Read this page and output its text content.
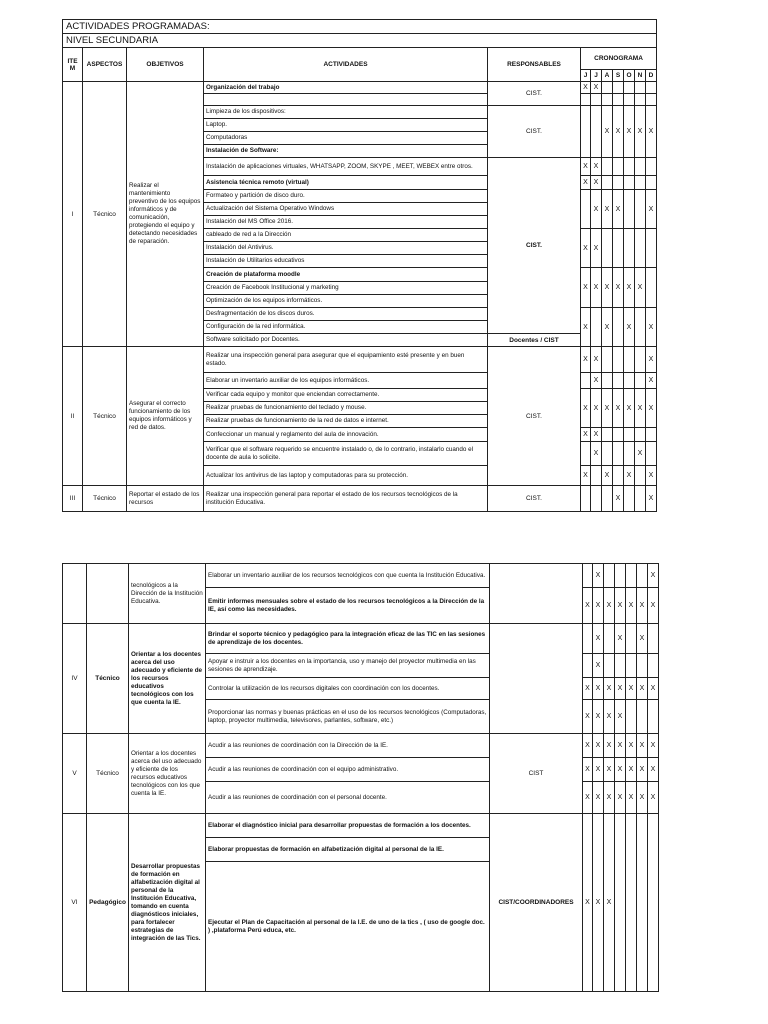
ACTIVIDADES PROGRAMADAS:											
NIVEL SECUNDARIA											
ITE M	ASPECTOS	OBJETIVOS	ACTIVIDADES	RESPONSABLES	CRONOGRAMA						
					J	J	A	S	O	N	D
I	Técnico	Realizar el mantenimiento preventivo de los equipos informáticos y de comunicación, protegiendo el equipo y detectando necesidades de reparación.	Organización del trabajo	CIST.	X	X					

			Limpieza de los dispositivos:	CIST.			X	X	X	X	X
			Laptop.								
			Computadoras								
			Instalación de Software:								
			Instalación de aplicaciones virtuales, WHATSAPP, ZOOM, SKYPE , MEET, WEBEX entre otros.	CIST.	X	X					
			Asistencia técnica remoto (virtual)		X	X					
			Formateo y partición de disco duro.			X	X	X			X
			Actualización del Sistema Operativo Windows								
			Instalación del MS Office 2016.								
			cableado de red a la Dirección		X	X					
			Instalación del Antivirus.								
			Instalación de Utilitarios educativos								
			Creación de plataforma moodle		X	X	X	X	X	X	
			Creación de Facebook Institucional y marketing								
			Optimización de los equipos informáticos.								
			Desfragmentación de los discos duros.		X		X		X		X
			Configuración de la red informática.								
			Software solicitado por Docentes.	Docentes / CIST							
II	Técnico	Asegurar el correcto funcionamiento de los equipos informáticos y red de datos.	Realizar una inspección general para asegurar que el equipamiento esté presente y en buen estado.	CIST.	X	X					X
			Elaborar un inventario auxiliar de los equipos informáticos.			X					X
			Verificar cada equipo y monitor que enciendan correctamente.		X	X	X	X	X	X	X
			Realizar pruebas de funcionamiento del teclado y mouse.								
			Realizar pruebas de funcionamiento de la red de datos e internet.								
			Confeccionar un manual y reglamento del aula de innovación.		X	X					
			Verificar que el software requerido se encuentre instalado o, de lo contrario, instalarlo cuando el docente de aula lo solicite.			X				X	
			Actualizar los antivirus de las laptop y computadoras para su protección.		X		X		X		X
III	Técnico	Reportar el estado de los recursos	Realizar una inspección general para reportar el estado de los recursos tecnológicos de la institución Educativa.	CIST.				X			X
		tecnológicos a la Dirección de la Institución Educativa.	Elaborar un inventario auxiliar de los recursos tecnológicos con que cuenta la Institución Educativa.			X					X
			Emitir informes mensuales sobre el estado de los recursos tecnológicos a la Dirección de la IE, así como las necesidades.		X	X	X	X	X	X	X
IV	Técnico	Orientar a los docentes acerca del uso adecuado y eficiente de los recursos educativos tecnológicos con los que cuenta la IE.	Brindar el soporte técnico y pedagógico para la integración eficaz de las TIC en las sesiones de aprendizaje de los docentes.			X		X		X	
			Apoyar e instruir a los docentes en la importancia, uso y manejo del proyector multimedia en las sesiones de aprendizaje.			X					
			Controlar la utilización de los recursos digitales con coordinación con los docentes.		X	X	X	X	X	X	X
			Proporcionar las normas y buenas prácticas en el uso de los recursos tecnológicos (Computadoras, laptop, proyector multimedia, televisores, parlantes, software, etc.)		X	X	X	X			
V	Técnico	Orientar a los docentes acerca del uso adecuado y eficiente de los recursos educativos tecnológicos con los que cuenta la IE.	Acudir a las reuniones de coordinación con la Dirección de la IE.	CIST	X	X	X	X	X	X	X
			Acudir a las reuniones de coordinación con el equipo administrativo.		X	X	X	X	X	X	X
			Acudir a las reuniones de coordinación con el personal docente.		X	X	X	X	X	X	X
VI	Pedagógico	Desarrollar propuestas de formación en alfabetización digital al personal de la Institución Educativa, tomando en cuenta diagnósticos iniciales, para fortalecer estrategias de integración de las Tics.	Elaborar el diagnóstico inicial para desarrollar propuestas de formación a los docentes.	CIST/COORDINADORES	X	X	X				
			Elaborar propuestas de formación en alfabetización digital al personal de la IE.								
			Ejecutar el Plan de Capacitación al personal de la I.E. de uno de la tics , ( uso de google doc. ) ,plataforma Perú educa, etc.								
